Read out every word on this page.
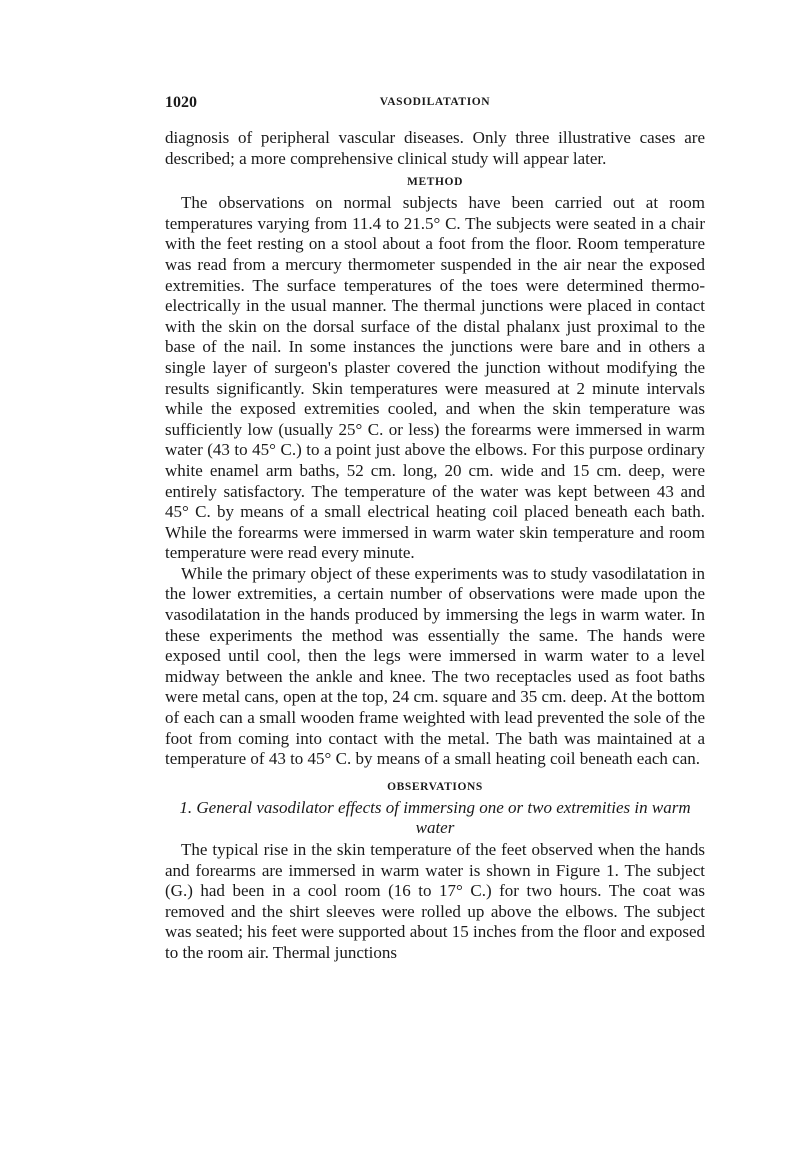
1020	VASODILATATION

diagnosis of peripheral vascular diseases. Only three illustrative cases are described; a more comprehensive clinical study will appear later.

METHOD

The observations on normal subjects have been carried out at room temperatures varying from 11.4 to 21.5° C. The subjects were seated in a chair with the feet resting on a stool about a foot from the floor. Room temperature was read from a mercury thermometer suspended in the air near the exposed extremities. The surface temperatures of the toes were determined thermo-electrically in the usual manner. The thermal junctions were placed in contact with the skin on the dorsal surface of the distal phalanx just proximal to the base of the nail. In some instances the junctions were bare and in others a single layer of surgeon's plaster covered the junction without modifying the results significantly. Skin temperatures were measured at 2 minute intervals while the exposed extremities cooled, and when the skin temperature was sufficiently low (usually 25° C. or less) the forearms were immersed in warm water (43 to 45° C.) to a point just above the elbows. For this purpose ordinary white enamel arm baths, 52 cm. long, 20 cm. wide and 15 cm. deep, were entirely satisfactory. The temperature of the water was kept between 43 and 45° C. by means of a small electrical heating coil placed beneath each bath. While the forearms were immersed in warm water skin temperature and room temperature were read every minute.

While the primary object of these experiments was to study vasodilatation in the lower extremities, a certain number of observations were made upon the vasodilatation in the hands produced by immersing the legs in warm water. In these experiments the method was essentially the same. The hands were exposed until cool, then the legs were immersed in warm water to a level midway between the ankle and knee. The two receptacles used as foot baths were metal cans, open at the top, 24 cm. square and 35 cm. deep. At the bottom of each can a small wooden frame weighted with lead prevented the sole of the foot from coming into contact with the metal. The bath was maintained at a temperature of 43 to 45° C. by means of a small heating coil beneath each can.

OBSERVATIONS
1. General vasodilator effects of immersing one or two extremities in warm water

The typical rise in the skin temperature of the feet observed when the hands and forearms are immersed in warm water is shown in Figure 1. The subject (G.) had been in a cool room (16 to 17° C.) for two hours. The coat was removed and the shirt sleeves were rolled up above the elbows. The subject was seated; his feet were supported about 15 inches from the floor and exposed to the room air. Thermal junctions
